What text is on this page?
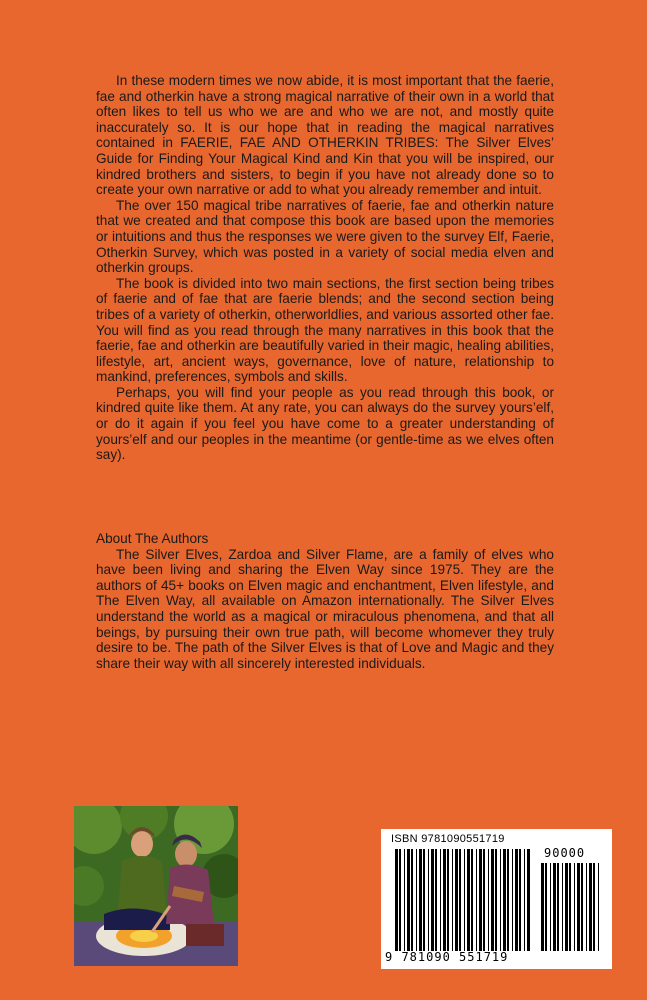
In these modern times we now abide, it is most important that the faerie, fae and otherkin have a strong magical narrative of their own in a world that often likes to tell us who we are and who we are not, and mostly quite inaccurately so. It is our hope that in reading the magical narratives contained in FAERIE, FAE AND OTHERKIN TRIBES: The Silver Elves’ Guide for Finding Your Magical Kind and Kin that you will be inspired, our kindred brothers and sisters, to begin if you have not already done so to create your own narrative or add to what you already remember and intuit.

The over 150 magical tribe narratives of faerie, fae and otherkin nature that we created and that compose this book are based upon the memories or intuitions and thus the responses we were given to the survey Elf, Faerie, Otherkin Survey, which was posted in a variety of social media elven and otherkin groups.

The book is divided into two main sections, the first section being tribes of faerie and of fae that are faerie blends; and the second section being tribes of a variety of otherkin, otherworldlies, and various assorted other fae. You will find as you read through the many narratives in this book that the faerie, fae and otherkin are beautifully varied in their magic, healing abilities, lifestyle, art, ancient ways, governance, love of nature, relationship to mankind, preferences, symbols and skills.

Perhaps, you will find your people as you read through this book, or kindred quite like them. At any rate, you can always do the survey yours’elf, or do it again if you feel you have come to a greater understanding of yours’elf and our peoples in the meantime (or gentle-time as we elves often say).

About The Authors

The Silver Elves, Zardoa and Silver Flame, are a family of elves who have been living and sharing the Elven Way since 1975. They are the authors of 45+ books on Elven magic and enchantment, Elven lifestyle, and The Elven Way, all available on Amazon internationally. The Silver Elves understand the world as a magical or miraculous phenomena, and that all beings, by pursuing their own true path, will become whomever they truly desire to be. The path of the Silver Elves is that of Love and Magic and they share their way with all sincerely interested individuals.

ISBN 9781090551719
90000
9 781090 551719
